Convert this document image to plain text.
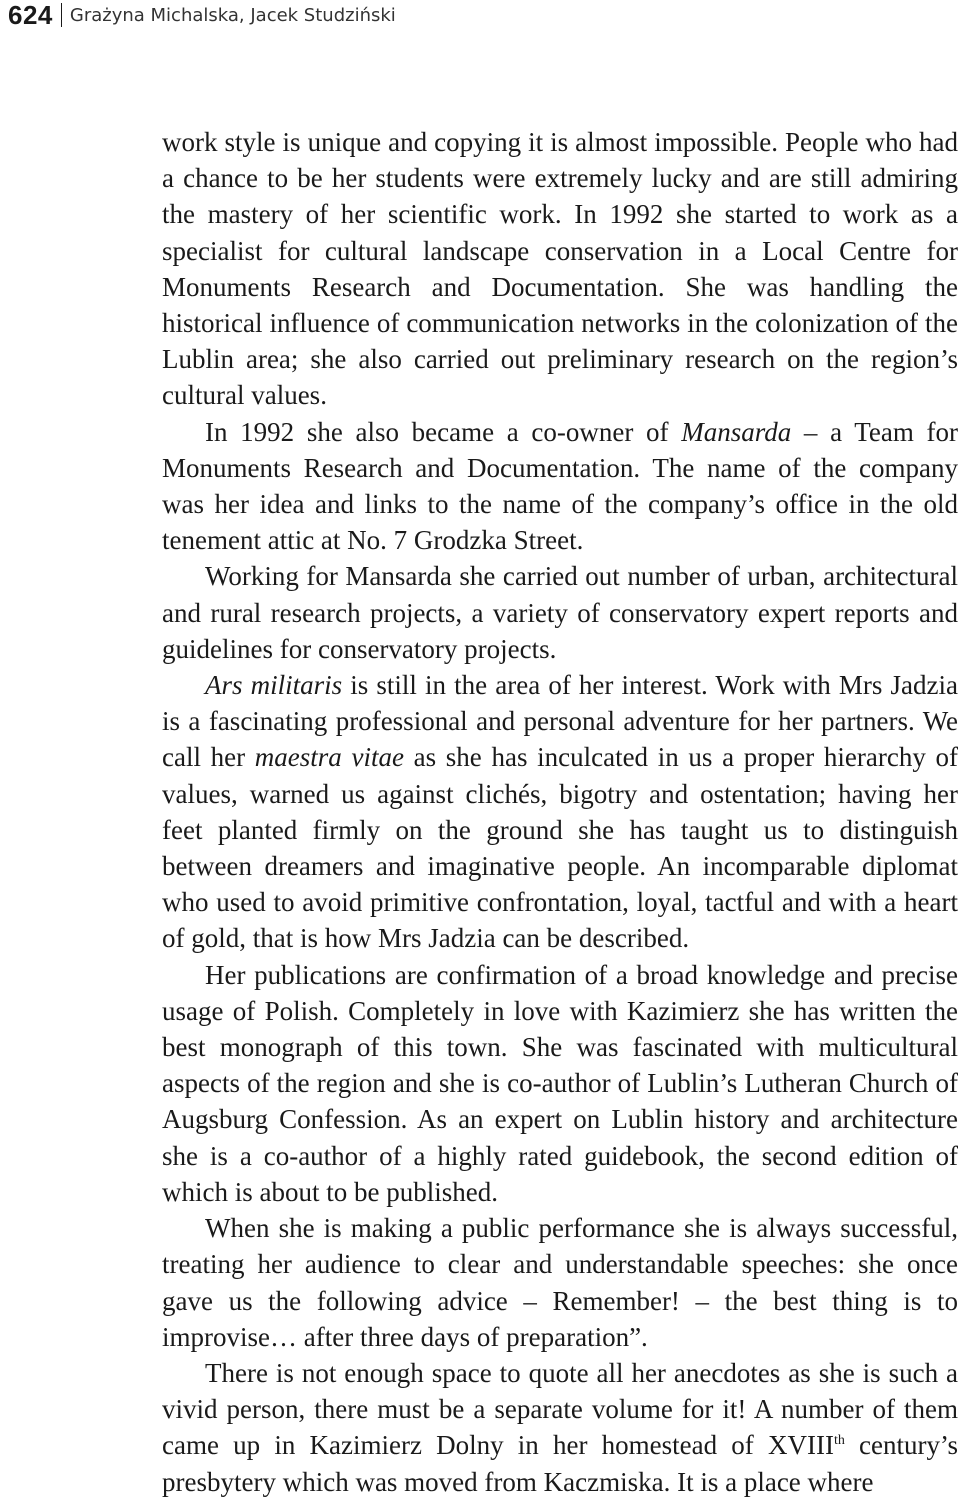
624 Grażyna Michalska, Jacek Studziński

work style is unique and copying it is almost impossible. People who had a chance to be her students were extremely lucky and are still admiring the mastery of her scientific work. In 1992 she started to work as a specialist for cultural landscape conservation in a Local Centre for Monuments Research and Documentation. She was handling the historical influence of communication networks in the colonization of the Lublin area; she also carried out preliminary research on the region’s cultural values.

In 1992 she also became a co-owner of Mansarda – a Team for Monuments Research and Documentation. The name of the company was her idea and links to the name of the company’s office in the old tenement attic at No. 7 Grodzka Street.

Working for Mansarda she carried out number of urban, architectural and rural research projects, a variety of conservatory expert reports and guidelines for conservatory projects.

Ars militaris is still in the area of her interest. Work with Mrs Jadzia is a fascinating professional and personal adventure for her partners. We call her maestra vitae as she has inculcated in us a proper hierarchy of values, warned us against clichés, bigotry and ostentation; having her feet planted firmly on the ground she has taught us to distinguish between dreamers and imaginative people. An incomparable diplomat who used to avoid primitive confrontation, loyal, tactful and with a heart of gold, that is how Mrs Jadzia can be described.

Her publications are confirmation of a broad knowledge and precise usage of Polish. Completely in love with Kazimierz she has written the best monograph of this town. She was fascinated with multicultural aspects of the region and she is co-author of Lublin’s Lutheran Church of Augsburg Confession. As an expert on Lublin history and architecture she is a co-author of a highly rated guidebook, the second edition of which is about to be published.

When she is making a public performance she is always successful, treating her audience to clear and understandable speeches: she once gave us the following advice – Remember! – the best thing is to improvise… after three days of preparation”.

There is not enough space to quote all her anecdotes as she is such a vivid person, there must be a separate volume for it! A number of them came up in Kazimierz Dolny in her homestead of XVIIIth century’s presbytery which was moved from Kaczmiska. It is a place where
